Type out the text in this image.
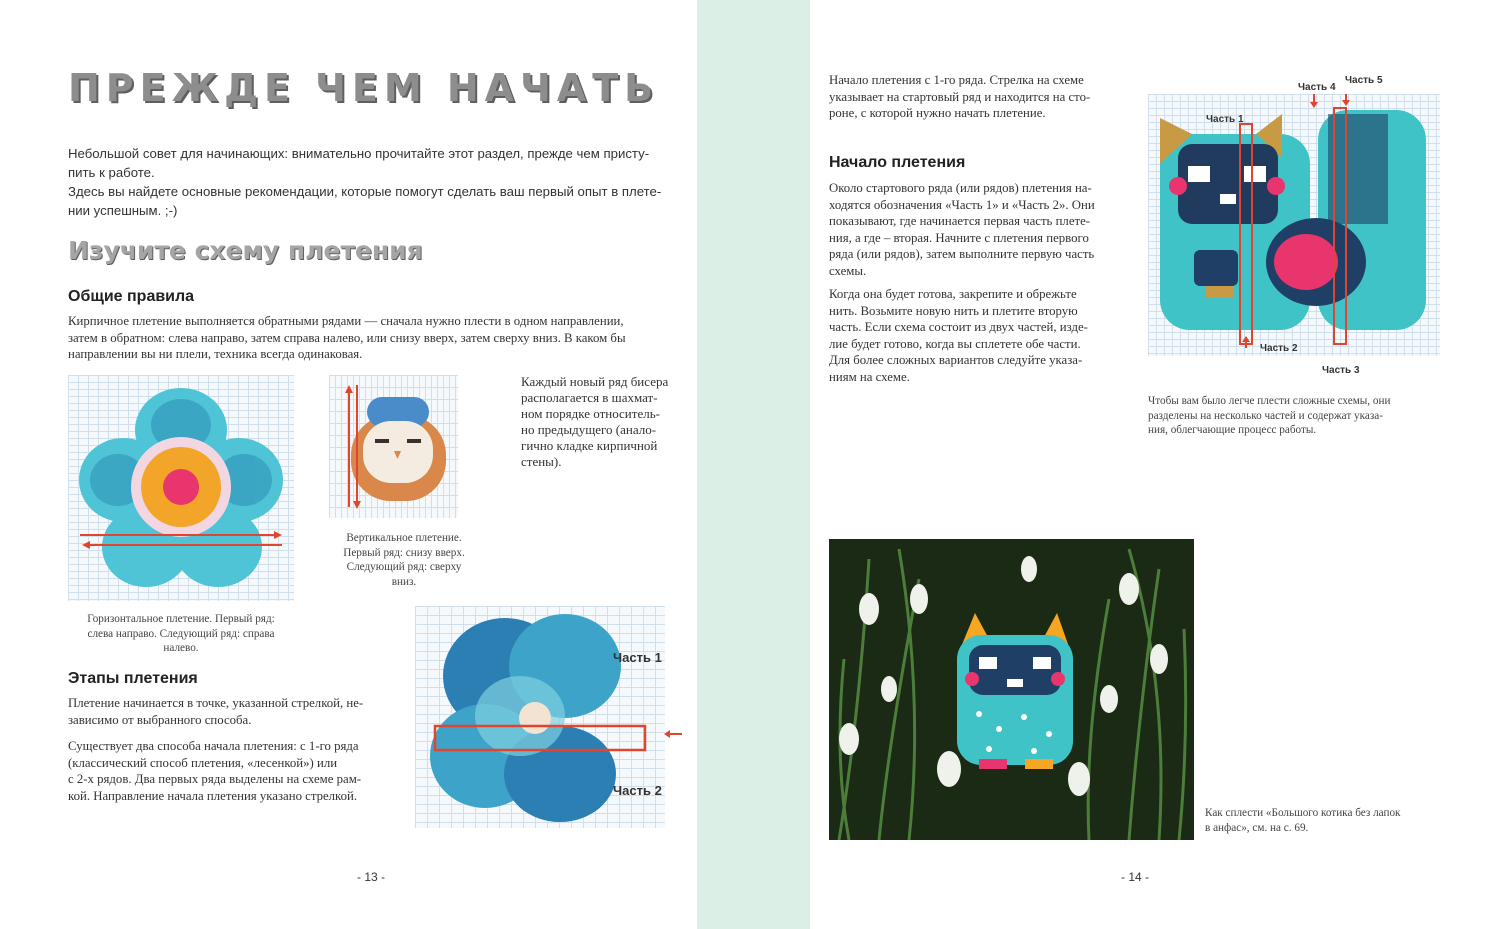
ПРЕЖДЕ ЧЕМ НАЧАТЬ

Небольшой совет для начинающих: внимательно прочитайте этот раздел, прежде чем присту-
пить к работе.
Здесь вы найдете основные рекомендации, которые помогут сделать ваш первый опыт в плете-
нии успешным. ;-)

Изучите схему плетения
Общие правила

Кирпичное плетение выполняется обратными рядами — сначала нужно плести в одном направлении,
затем в обратном: слева направо, затем справа налево, или снизу вверх, затем сверху вниз. В каком бы
направлении вы ни плели, техника всегда одинаковая.

Горизонтальное плетение. Первый ряд:
слева направо. Следующий ряд: справа
налево.

Вертикальное плетение.
Первый ряд: снизу вверх.
Следующий ряд: сверху
вниз.

Каждый новый ряд бисера
располагается в шахмат-
ном порядке относитель-
но предыдущего (анало-
гично кладке кирпичной
стены).

Этапы плетения

Плетение начинается в точке, указанной стрелкой, не-
зависимо от выбранного способа.

Существует два способа начала плетения: с 1-го ряда
(классический способ плетения, «лесенкой») или
с 2-х рядов. Два первых ряда выделены на схеме рам-
кой. Направление начала плетения указано стрелкой.

Часть 1
Часть 2

- 13 -

Начало плетения с 1-го ряда. Стрелка на схеме
указывает на стартовый ряд и находится на сто-
роне, с которой нужно начать плетение.

Начало плетения

Около стартового ряда (или рядов) плетения на-
ходятся обозначения «Часть 1» и «Часть 2». Они
показывают, где начинается первая часть плете-
ния, а где – вторая. Начните с плетения первого
ряда (или рядов), затем выполните первую часть
схемы.

Когда она будет готова, закрепите и обрежьте
нить. Возьмите новую нить и плетите вторую
часть. Если схема состоит из двух частей, изде-
лие будет готово, когда вы сплетете обе части.
Для более сложных вариантов следуйте указа-
ниям на схеме.

Часть 4
Часть 5
Часть 1
Часть 2
Часть 3

Чтобы вам было легче плести сложные схемы, они
разделены на несколько частей и содержат указа-
ния, облегчающие процесс работы.

Как сплести «Большого котика без лапок
в анфас», см. на с. 69.

- 14 -
